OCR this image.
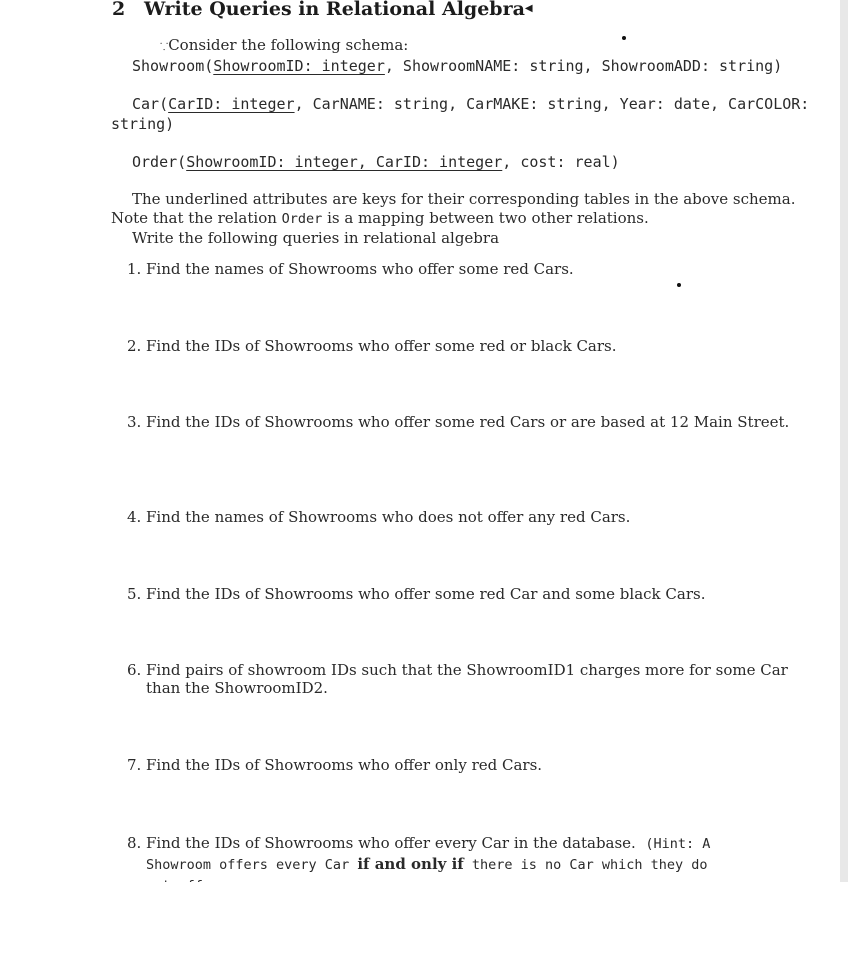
2 Write Queries in Relational Algebra◀
⸪Consider the following schema:
Showroom(ShowroomID: integer, ShowroomNAME: string, ShowroomADD: string)
Car(CarID: integer, CarNAME: string, CarMAKE: string, Year: date, CarCOLOR:
string)
Order(ShowroomID: integer, CarID: integer, cost: real)
The underlined attributes are keys for their corresponding tables in the above schema.
Note that the relation Order is a mapping between two other relations.
Write the following queries in relational algebra
1. Find the names of Showrooms who offer some red Cars.
2. Find the IDs of Showrooms who offer some red or black Cars.
3. Find the IDs of Showrooms who offer some red Cars or are based at 12 Main Street.
4. Find the names of Showrooms who does not offer any red Cars.
5. Find the IDs of Showrooms who offer some red Car and some black Cars.
6. Find pairs of showroom IDs such that the ShowroomID1 charges more for some Car
than the ShowroomID2.
7. Find the IDs of Showrooms who offer only red Cars.
8. Find the IDs of Showrooms who offer every Car in the database. (Hint: A
Showroom offers every Car if and only if there is no Car which they do
